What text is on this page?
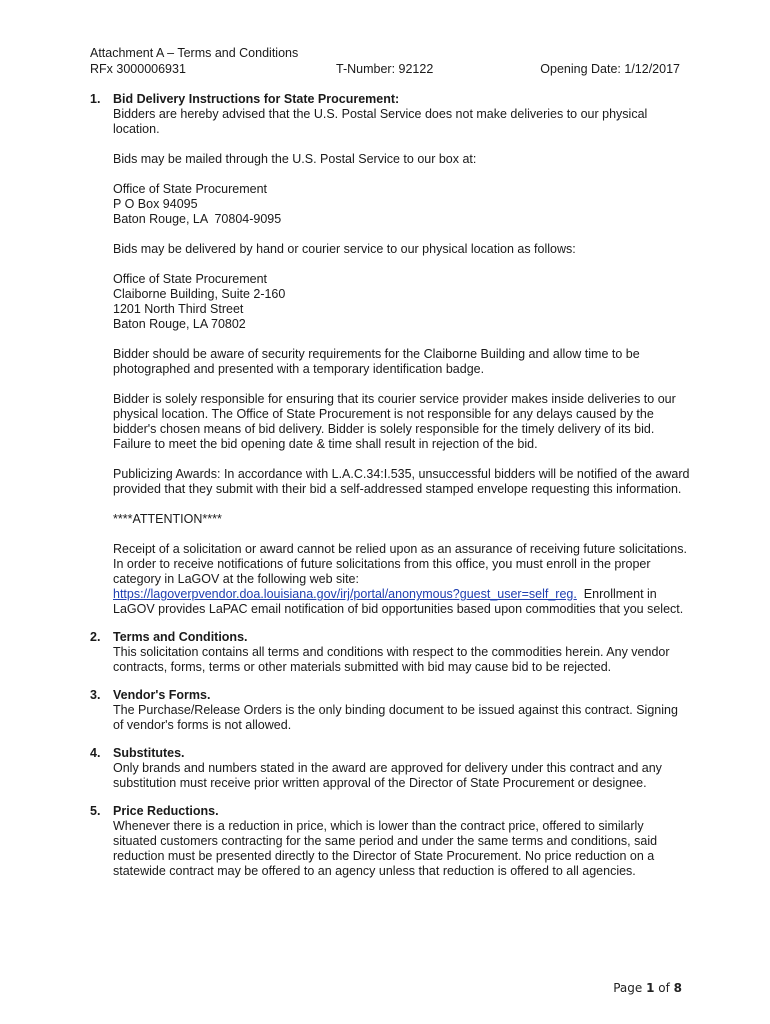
Attachment A – Terms and Conditions
RFx 3000006931	T-Number: 92122	Opening Date: 1/12/2017
1.	Bid Delivery Instructions for State Procurement:

Bidders are hereby advised that the U.S. Postal Service does not make deliveries to our physical location.

Bids may be mailed through the U.S. Postal Service to our box at:

Office of State Procurement
P O Box 94095
Baton Rouge, LA  70804-9095

Bids may be delivered by hand or courier service to our physical location as follows:

Office of State Procurement
Claiborne Building, Suite 2-160
1201 North Third Street
Baton Rouge, LA 70802

Bidder should be aware of security requirements for the Claiborne Building and allow time to be photographed and presented with a temporary identification badge.

Bidder is solely responsible for ensuring that its courier service provider makes inside deliveries to our physical location. The Office of State Procurement is not responsible for any delays caused by the bidder's chosen means of bid delivery. Bidder is solely responsible for the timely delivery of its bid. Failure to meet the bid opening date & time shall result in rejection of the bid.

Publicizing Awards: In accordance with L.A.C.34:I.535, unsuccessful bidders will be notified of the award provided that they submit with their bid a self-addressed stamped envelope requesting this information.

****ATTENTION****

Receipt of a solicitation or award cannot be relied upon as an assurance of receiving future solicitations. In order to receive notifications of future solicitations from this office, you must enroll in the proper category in LaGOV at the following web site: https://lagoverpvendor.doa.louisiana.gov/irj/portal/anonymous?guest_user=self_reg.  Enrollment in LaGOV provides LaPAC email notification of bid opportunities based upon commodities that you select.

2.	Terms and Conditions.
This solicitation contains all terms and conditions with respect to the commodities herein. Any vendor contracts, forms, terms or other materials submitted with bid may cause bid to be rejected.
3.	Vendor's Forms.
The Purchase/Release Orders is the only binding document to be issued against this contract. Signing of vendor's forms is not allowed.
4.	Substitutes.
Only brands and numbers stated in the award are approved for delivery under this contract and any substitution must receive prior written approval of the Director of State Procurement or designee.
5.	Price Reductions.
Whenever there is a reduction in price, which is lower than the contract price, offered to similarly situated customers contracting for the same period and under the same terms and conditions, said reduction must be presented directly to the Director of State Procurement. No price reduction on a statewide contract may be offered to an agency unless that reduction is offered to all agencies.
Page 1 of 8
